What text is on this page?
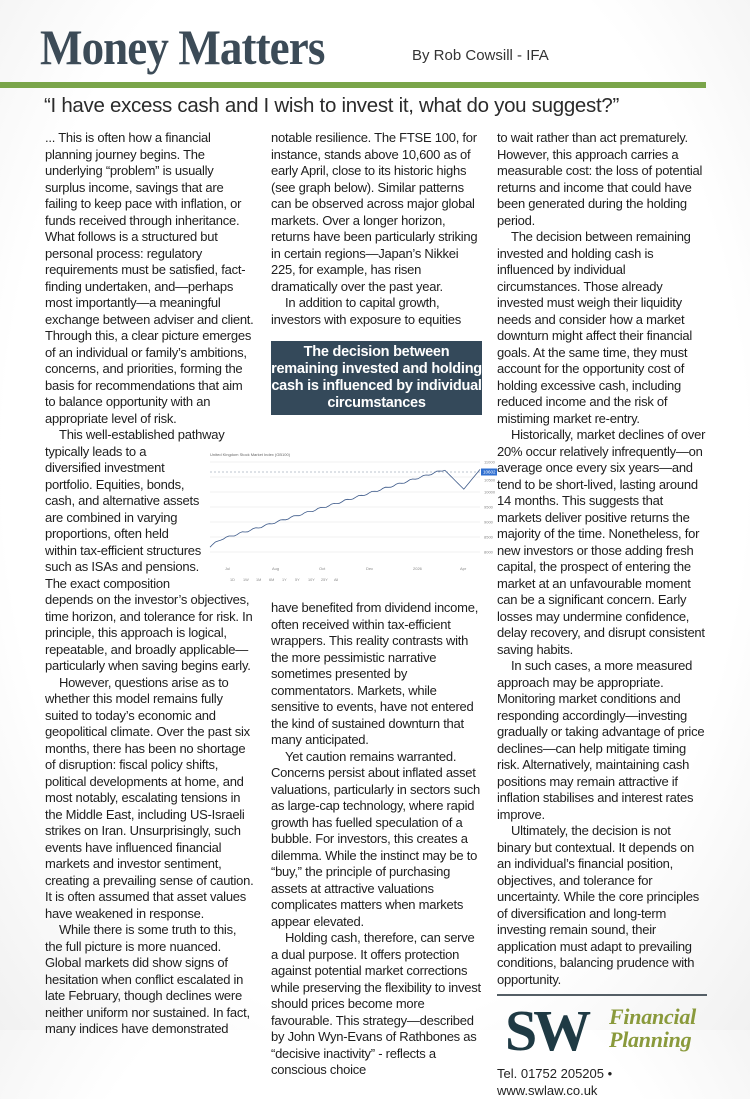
Money Matters	By Rob Cowsill - IFA
“I have excess cash and I wish to invest it, what do you suggest?”

... This is often how a financial planning journey begins. The underlying “problem” is usually surplus income, savings that are failing to keep pace with inflation, or funds received through inheritance. What follows is a structured but personal process: regulatory requirements must be satisfied, fact-finding undertaken, and—perhaps most importantly—a meaningful exchange between adviser and client. Through this, a clear picture emerges of an individual or family’s ambitions, concerns, and priorities, forming the basis for recommendations that aim to balance opportunity with an appropriate level of risk.

This well-established pathway typically leads to a diversified investment portfolio. Equities, bonds, cash, and alternative assets are combined in varying proportions, often held within tax-efficient structures such as ISAs and pensions. The exact composition depends on the investor’s objectives, time horizon, and tolerance for risk. In principle, this approach is logical, repeatable, and broadly applicable—particularly when saving begins early.

However, questions arise as to whether this model remains fully suited to today’s economic and geopolitical climate. Over the past six months, there has been no shortage of disruption: fiscal policy shifts, political developments at home, and most notably, escalating tensions in the Middle East, including US-Israeli strikes on Iran. Unsurprisingly, such events have influenced financial markets and investor sentiment, creating a prevailing sense of caution. It is often assumed that asset values have weakened in response.

While there is some truth to this, the full picture is more nuanced. Global markets did show signs of hesitation when conflict escalated in late February, though declines were neither uniform nor sustained. In fact, many indices have demonstrated

The decision between remaining invested and holding cash is influenced by individual circumstances

notable resilience. The FTSE 100, for instance, stands above 10,600 as of early April, close to its historic highs (see graph below). Similar patterns can be observed across major global markets. Over a longer horizon, returns have been particularly striking in certain regions—Japan’s Nikkei 225, for example, has risen dramatically over the past year.

In addition to capital growth, investors with exposure to equities have benefited from dividend income,

often received within tax-efficient wrappers. This reality contrasts with the more pessimistic narrative sometimes presented by commentators. Markets, while sensitive to events, have not entered the kind of sustained downturn that many anticipated.

Yet caution remains warranted. Concerns persist about inflated asset valuations, particularly in sectors such as large-cap technology, where rapid growth has fuelled speculation of a bubble. For investors, this creates a dilemma. While the instinct may be to “buy,” the principle of purchasing assets at attractive valuations complicates matters when markets appear elevated.

Holding cash, therefore, can serve a dual purpose. It offers protection against potential market corrections while preserving the flexibility to invest should prices become more favourable. This strategy—described by John Wyn-Evans of Rathbones as “decisive inactivity” - reflects a conscious choice

United Kingdom Stock Market Index (GB100)
10602
11000
10500
10000
9500
9000
8500
8000
Jul	Aug	Oct	Dec	2026	Apr
1D 1W 1M 6M 1Y 5Y 10Y 25Y All

to wait rather than act prematurely. However, this approach carries a measurable cost: the loss of potential returns and income that could have been generated during the holding period.

The decision between remaining invested and holding cash is influenced by individual circumstances. Those already invested must weigh their liquidity needs and consider how a market downturn might affect their financial goals. At the same time, they must account for the opportunity cost of holding excessive cash, including reduced income and the risk of mistiming market re-entry.

Historically, market declines of over 20% occur relatively infrequently—on average once every six years—and tend to be short-lived, lasting around 14 months. This suggests that markets deliver positive returns the majority of the time. Nonetheless, for new investors or those adding fresh capital, the prospect of entering the market at an unfavourable moment can be a significant concern. Early losses may undermine confidence, delay recovery, and disrupt consistent saving habits.

In such cases, a more measured approach may be appropriate. Monitoring market conditions and responding accordingly—investing gradually or taking advantage of price declines—can help mitigate timing risk. Alternatively, maintaining cash positions may remain attractive if inflation stabilises and interest rates improve.

Ultimately, the decision is not binary but contextual. It depends on an individual’s financial position, objectives, and tolerance for uncertainty. While the core principles of diversification and long-term investing remain sound, their application must adapt to prevailing conditions, balancing prudence with opportunity.

SW Financial
Planning
Tel. 01752 205205 • www.swlaw.co.uk
